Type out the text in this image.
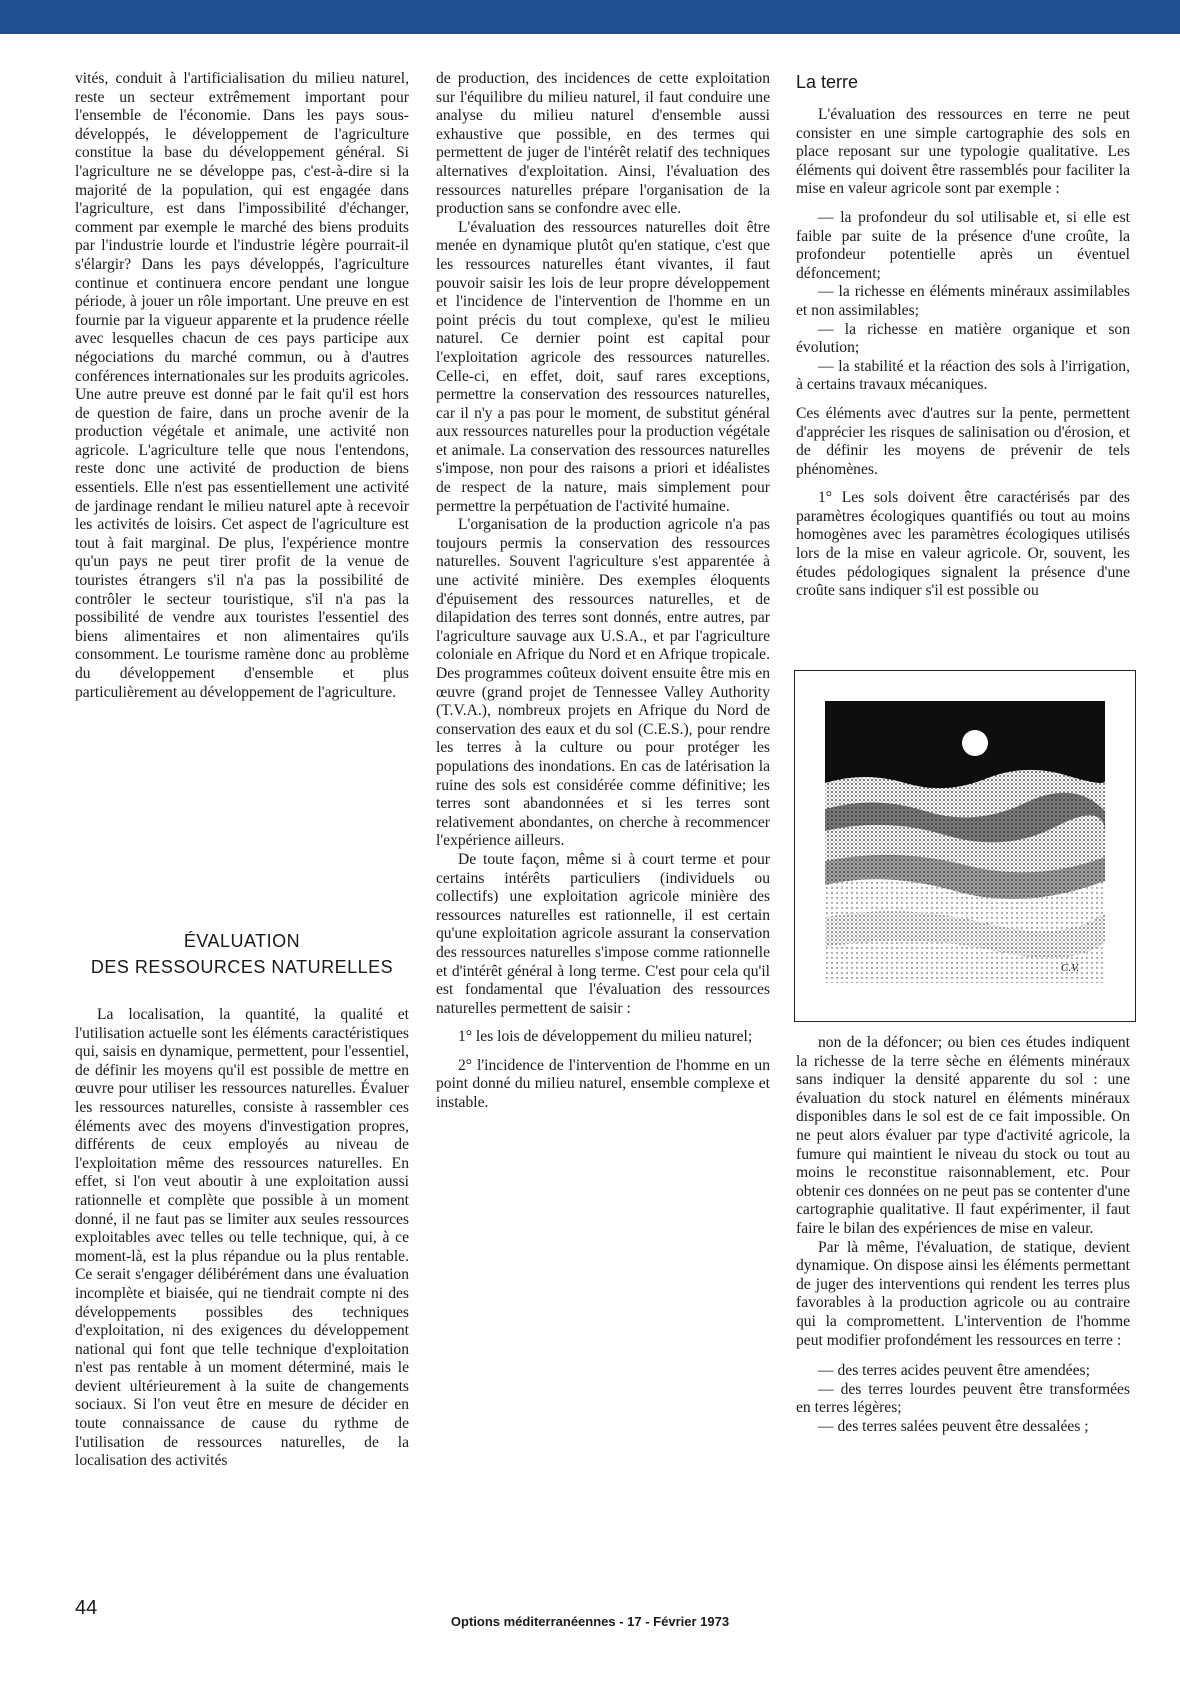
vités, conduit à l'artificialisation du milieu naturel, reste un secteur extrêmement important pour l'ensemble de l'économie. Dans les pays sous-développés, le développement de l'agriculture constitue la base du développement général. Si l'agriculture ne se développe pas, c'est-à-dire si la majorité de la population, qui est engagée dans l'agriculture, est dans l'impossibilité d'échanger, comment par exemple le marché des biens produits par l'industrie lourde et l'industrie légère pourrait-il s'élargir? Dans les pays développés, l'agriculture continue et continuera encore pendant une longue période, à jouer un rôle important. Une preuve en est fournie par la vigueur apparente et la prudence réelle avec lesquelles chacun de ces pays participe aux négociations du marché commun, ou à d'autres conférences internationales sur les produits agricoles. Une autre preuve est donné par le fait qu'il est hors de question de faire, dans un proche avenir de la production végétale et animale, une activité non agricole. L'agriculture telle que nous l'entendons, reste donc une activité de production de biens essentiels. Elle n'est pas essentiellement une activité de jardinage rendant le milieu naturel apte à recevoir les activités de loisirs. Cet aspect de l'agriculture est tout à fait marginal. De plus, l'expérience montre qu'un pays ne peut tirer profit de la venue de touristes étrangers s'il n'a pas la possibilité de contrôler le secteur touristique, s'il n'a pas la possibilité de vendre aux touristes l'essentiel des biens alimentaires et non alimentaires qu'ils consomment. Le tourisme ramène donc au problème du développement d'ensemble et plus particulièrement au développement de l'agriculture.

ÉVALUATION
DES RESSOURCES NATURELLES

La localisation, la quantité, la qualité et l'utilisation actuelle sont les éléments caractéristiques qui, saisis en dynamique, permettent, pour l'essentiel, de définir les moyens qu'il est possible de mettre en œuvre pour utiliser les ressources naturelles. Évaluer les ressources naturelles, consiste à rassembler ces éléments avec des moyens d'investigation propres, différents de ceux employés au niveau de l'exploitation même des ressources naturelles. En effet, si l'on veut aboutir à une exploitation aussi rationnelle et complète que possible à un moment donné, il ne faut pas se limiter aux seules ressources exploitables avec telles ou telle technique, qui, à ce moment-là, est la plus répandue ou la plus rentable. Ce serait s'engager délibérément dans une évaluation incomplète et biaisée, qui ne tiendrait compte ni des développements possibles des techniques d'exploitation, ni des exigences du développement national qui font que telle technique d'exploitation n'est pas rentable à un moment déterminé, mais le devient ultérieurement à la suite de changements sociaux. Si l'on veut être en mesure de décider en toute connaissance de cause du rythme de l'utilisation de ressources naturelles, de la localisation des activités

de production, des incidences de cette exploitation sur l'équilibre du milieu naturel, il faut conduire une analyse du milieu naturel d'ensemble aussi exhaustive que possible, en des termes qui permettent de juger de l'intérêt relatif des techniques alternatives d'exploitation. Ainsi, l'évaluation des ressources naturelles prépare l'organisation de la production sans se confondre avec elle.

L'évaluation des ressources naturelles doit être menée en dynamique plutôt qu'en statique, c'est que les ressources naturelles étant vivantes, il faut pouvoir saisir les lois de leur propre développement et l'incidence de l'intervention de l'homme en un point précis du tout complexe, qu'est le milieu naturel. Ce dernier point est capital pour l'exploitation agricole des ressources naturelles. Celle-ci, en effet, doit, sauf rares exceptions, permettre la conservation des ressources naturelles, car il n'y a pas pour le moment, de substitut général aux ressources naturelles pour la production végétale et animale. La conservation des ressources naturelles s'impose, non pour des raisons a priori et idéalistes de respect de la nature, mais simplement pour permettre la perpétuation de l'activité humaine.

L'organisation de la production agricole n'a pas toujours permis la conservation des ressources naturelles. Souvent l'agriculture s'est apparentée à une activité minière. Des exemples éloquents d'épuisement des ressources naturelles, et de dilapidation des terres sont donnés, entre autres, par l'agriculture sauvage aux U.S.A., et par l'agriculture coloniale en Afrique du Nord et en Afrique tropicale. Des programmes coûteux doivent ensuite être mis en œuvre (grand projet de Tennessee Valley Authority (T.V.A.), nombreux projets en Afrique du Nord de conservation des eaux et du sol (C.E.S.), pour rendre les terres à la culture ou pour protéger les populations des inondations. En cas de latérisation la ruine des sols est considérée comme définitive; les terres sont abandonnées et si les terres sont relativement abondantes, on cherche à recommencer l'expérience ailleurs.

De toute façon, même si à court terme et pour certains intérêts particuliers (individuels ou collectifs) une exploitation agricole minière des ressources naturelles est rationnelle, il est certain qu'une exploitation agricole assurant la conservation des ressources naturelles s'impose comme rationnelle et d'intérêt général à long terme. C'est pour cela qu'il est fondamental que l'évaluation des ressources naturelles permettent de saisir :

1° les lois de développement du milieu naturel;

2° l'incidence de l'intervention de l'homme en un point donné du milieu naturel, ensemble complexe et instable.

La terre

L'évaluation des ressources en terre ne peut consister en une simple cartographie des sols en place reposant sur une typologie qualitative. Les éléments qui doivent être rassemblés pour faciliter la mise en valeur agricole sont par exemple :

— la profondeur du sol utilisable et, si elle est faible par suite de la présence d'une croûte, la profondeur potentielle après un éventuel défoncement;

— la richesse en éléments minéraux assimilables et non assimilables;

— la richesse en matière organique et son évolution;

— la stabilité et la réaction des sols à l'irrigation, à certains travaux mécaniques.

Ces éléments avec d'autres sur la pente, permettent d'apprécier les risques de salinisation ou d'érosion, et de définir les moyens de prévenir de tels phénomènes.

1° Les sols doivent être caractérisés par des paramètres écologiques quantifiés ou tout au moins homogènes avec les paramètres écologiques utilisés lors de la mise en valeur agricole. Or, souvent, les études pédologiques signalent la présence d'une croûte sans indiquer s'il est possible ou

C.V.

non de la défoncer; ou bien ces études indiquent la richesse de la terre sèche en éléments minéraux sans indiquer la densité apparente du sol : une évaluation du stock naturel en éléments minéraux disponibles dans le sol est de ce fait impossible. On ne peut alors évaluer par type d'activité agricole, la fumure qui maintient le niveau du stock ou tout au moins le reconstitue raisonnablement, etc. Pour obtenir ces données on ne peut pas se contenter d'une cartographie qualitative. Il faut expérimenter, il faut faire le bilan des expériences de mise en valeur.

Par là même, l'évaluation, de statique, devient dynamique. On dispose ainsi les éléments permettant de juger des interventions qui rendent les terres plus favorables à la production agricole ou au contraire qui la compromettent. L'intervention de l'homme peut modifier profondément les ressources en terre :

— des terres acides peuvent être amendées;

— des terres lourdes peuvent être transformées en terres légères;

— des terres salées peuvent être dessalées ;

44
Options méditerranéennes - 17 - Février 1973
